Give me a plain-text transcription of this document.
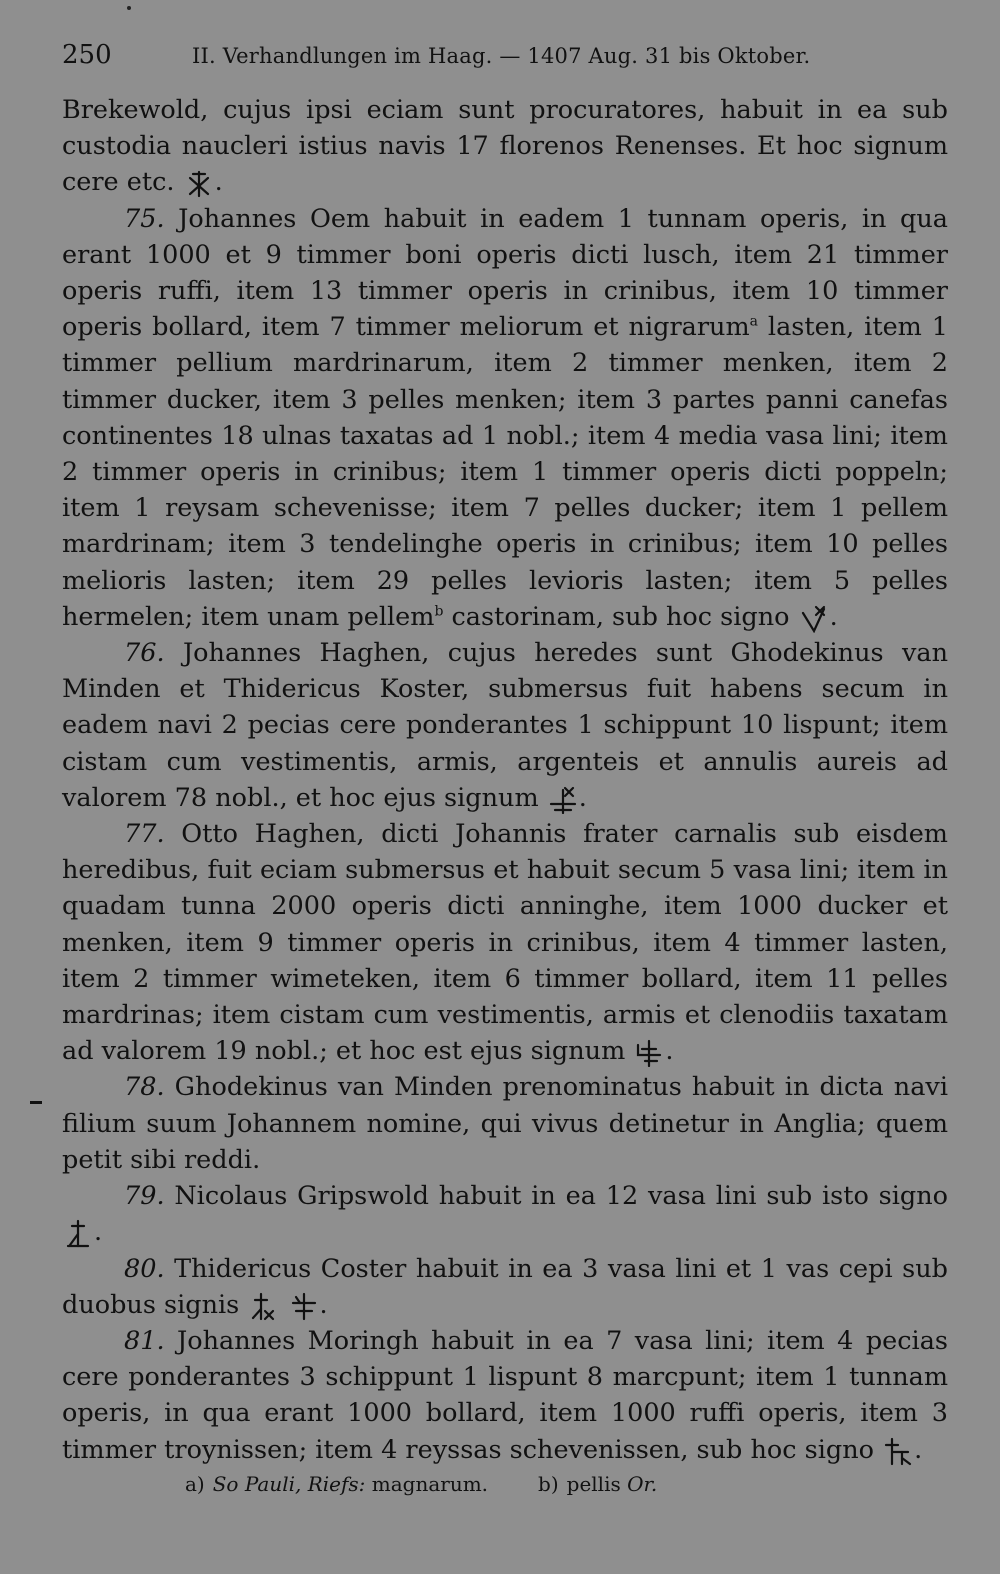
250	II. Verhandlungen im Haag. — 1407 Aug. 31 bis Oktober.

Brekewold, cujus ipsi eciam sunt procuratores, habuit in ea sub custodia naucleri istius navis 17 florenos Renenses. Et hoc signum cere etc. .

75. Johannes Oem habuit in eadem 1 tunnam operis, in qua erant 1000 et 9 timmer boni operis dicti lusch, item 21 timmer operis ruffi, item 13 timmer operis in crinibus, item 10 timmer operis bollard, item 7 timmer meliorum et nigrarum$^a$ lasten, item 1 timmer pellium mardrinarum, item 2 timmer menken, item 2 timmer ducker, item 3 pelles menken; item 3 partes panni canefas continentes 18 ulnas taxatas ad 1 nobl.; item 4 media vasa lini; item 2 timmer operis in crinibus; item 1 timmer operis dicti poppeln; item 1 reysam schevenisse; item 7 pelles ducker; item 1 pellem mardrinam; item 3 tendelinghe operis in crinibus; item 10 pelles melioris lasten; item 29 pelles levioris lasten; item 5 pelles hermelen; item unam pellem$^b$ castorinam, sub hoc signo .

76. Johannes Haghen, cujus heredes sunt Ghodekinus van Minden et Thidericus Koster, submersus fuit habens secum in eadem navi 2 pecias cere ponderantes 1 schippunt 10 lispunt; item cistam cum vestimentis, armis, argenteis et annulis aureis ad valorem 78 nobl., et hoc ejus signum .

77. Otto Haghen, dicti Johannis frater carnalis sub eisdem heredibus, fuit eciam submersus et habuit secum 5 vasa lini; item in quadam tunna 2000 operis dicti anninghe, item 1000 ducker et menken, item 9 timmer operis in crinibus, item 4 timmer lasten, item 2 timmer wimeteken, item 6 timmer bollard, item 11 pelles mardrinas; item cistam cum vestimentis, armis et clenodiis taxatam ad valorem 19 nobl.; et hoc est ejus signum .

78. Ghodekinus van Minden prenominatus habuit in dicta navi filium suum Johannem nomine, qui vivus detinetur in Anglia; quem petit sibi reddi.

79. Nicolaus Gripswold habuit in ea 12 vasa lini sub isto signo
.

80. Thidericus Coster habuit in ea 3 vasa lini et 1 vas cepi sub duobus signis
	.

81. Johannes Moringh habuit in ea 7 vasa lini; item 4 pecias cere ponderantes 3 schippunt 1 lispunt 8 marcpunt; item 1 tunnam operis, in qua erant 1000 bollard, item 1000 ruffi operis, item 3 timmer troynissen; item 4 reyssas schevenissen, sub hoc signo .

a) So Pauli, Riefs: magnarum.	b) pellis Or.
